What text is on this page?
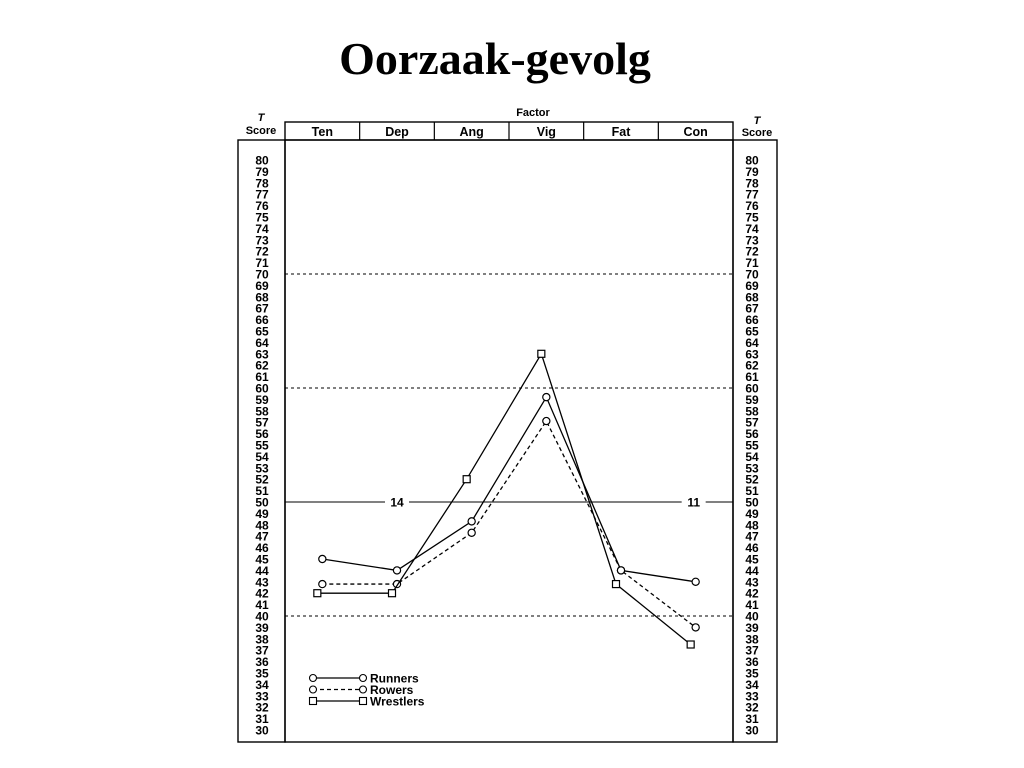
Oorzaak-gevolg
Factor
Ten	Dep	Ang	Vig	Fat	Con
T
Score
80
79
78
77
76
75
74
73
72
71
70
69
68
67
66
65
64
63
62
61
60
59
58
57
56
55
54
53
52
51
50
49
48
47
46
45
44
43
42
41
40
39
38
37
36
35
34
33
32
31
30
T
Score
80
79
78
77
76
75
74
73
72
71
70
69
68
67
66
65
64
63
62
61
60
59
58
57
56
55
54
53
52
51
50
49
48
47
46
45
44
43
42
41
40
39
38
37
36
35
34
33
32
31
30
14	11
Runners
Rowers
Wrestlers
